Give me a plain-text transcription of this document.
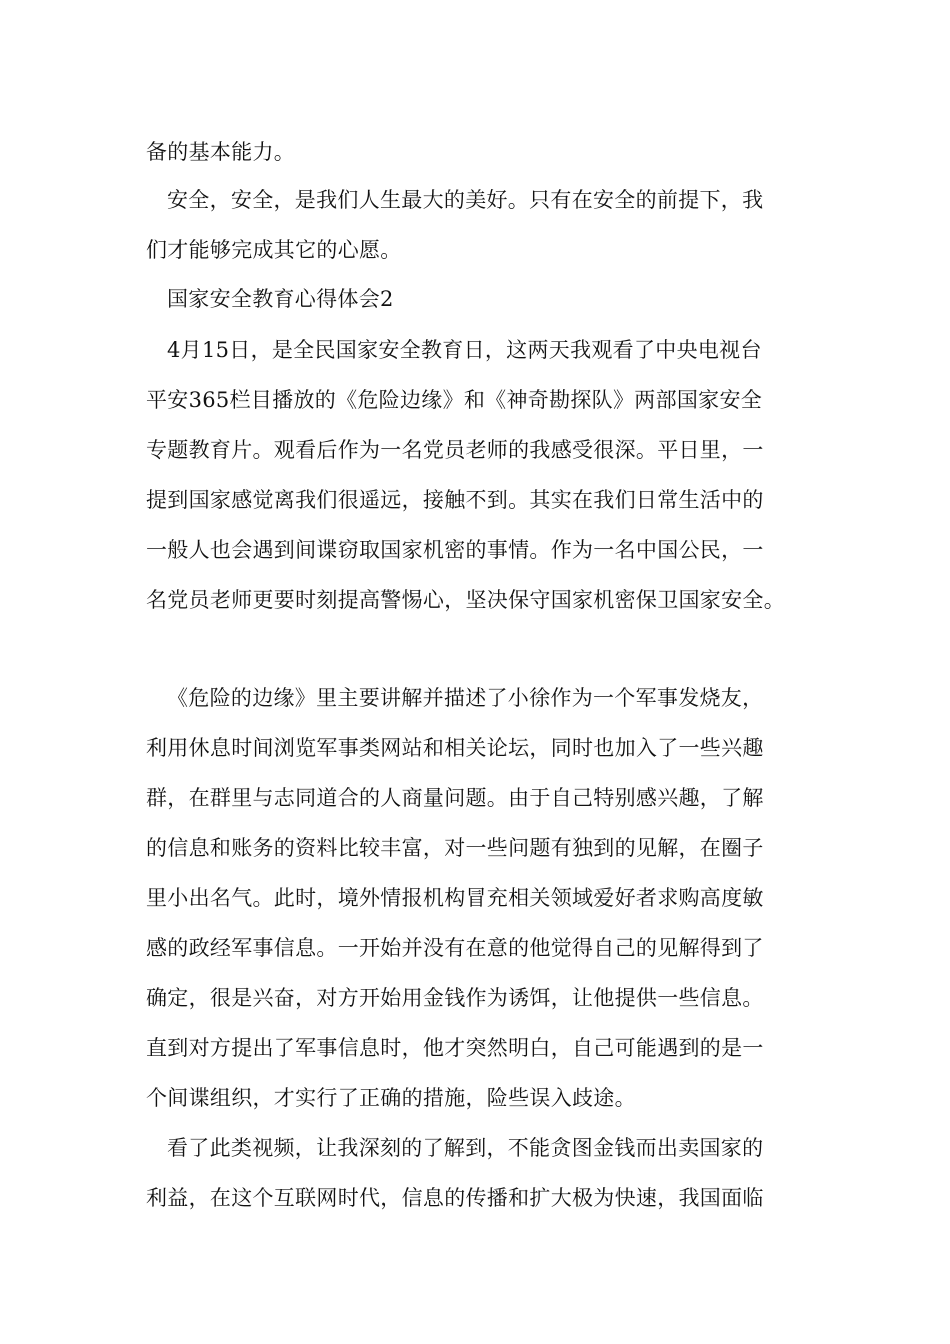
备的基本能力。
安全，安全，是我们人生最大的美好。只有在安全的前提下，我
们才能够完成其它的心愿。
国家安全教育心得体会2
4月15日，是全民国家安全教育日，这两天我观看了中央电视台
平安365栏目播放的《危险边缘》和《神奇勘探队》两部国家安全
专题教育片。观看后作为一名党员老师的我感受很深。平日里，一
提到国家感觉离我们很遥远，接触不到。其实在我们日常生活中的
一般人也会遇到间谍窃取国家机密的事情。作为一名中国公民，一
名党员老师更要时刻提高警惕心，坚决保守国家机密保卫国家安全。
《危险的边缘》里主要讲解并描述了小徐作为一个军事发烧友，
利用休息时间浏览军事类网站和相关论坛，同时也加入了一些兴趣
群，在群里与志同道合的人商量问题。由于自己特别感兴趣，了解
的信息和账务的资料比较丰富，对一些问题有独到的见解，在圈子
里小出名气。此时，境外情报机构冒充相关领域爱好者求购高度敏
感的政经军事信息。一开始并没有在意的他觉得自己的见解得到了
确定，很是兴奋，对方开始用金钱作为诱饵，让他提供一些信息。
直到对方提出了军事信息时，他才突然明白，自己可能遇到的是一
个间谍组织，才实行了正确的措施，险些误入歧途。
看了此类视频，让我深刻的了解到，不能贪图金钱而出卖国家的
利益，在这个互联网时代，信息的传播和扩大极为快速，我国面临
